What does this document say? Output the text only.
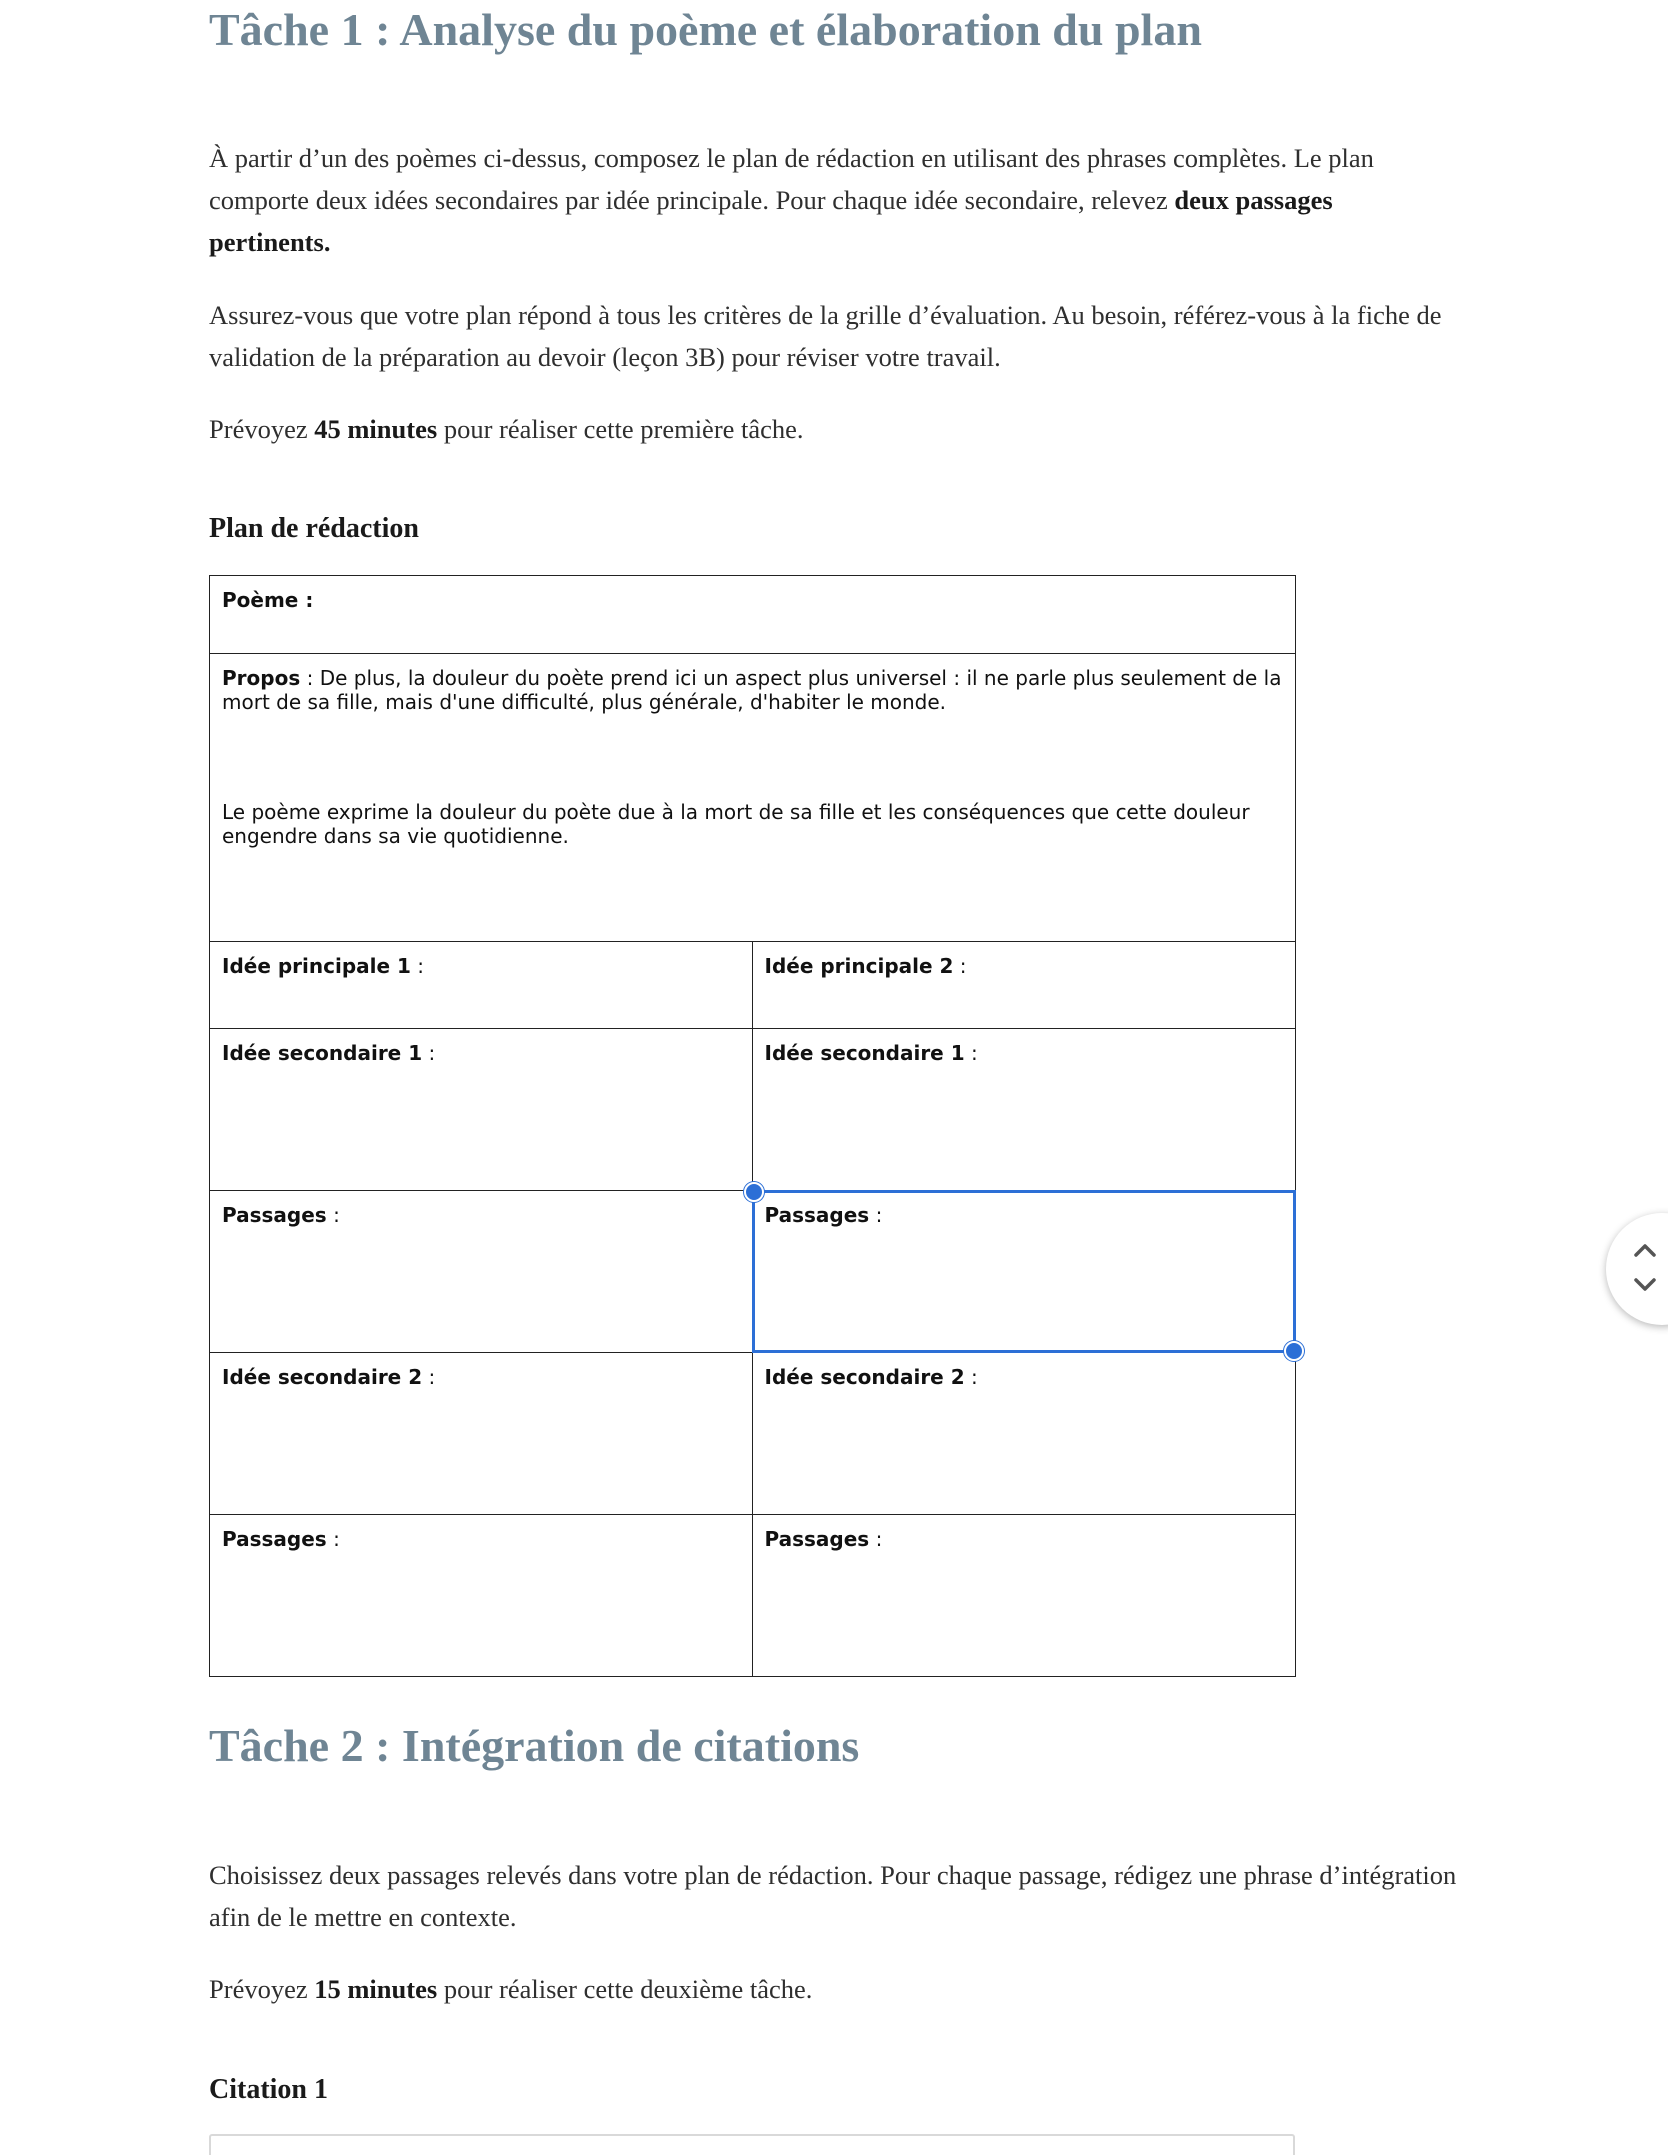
Tâche 1 : Analyse du poème et élaboration du plan

À partir d’un des poèmes ci-dessus, composez le plan de rédaction en utilisant des phrases complètes. Le plan comporte deux idées secondaires par idée principale. Pour chaque idée secondaire, relevez deux passages pertinents.

Assurez-vous que votre plan répond à tous les critères de la grille d’évaluation. Au besoin, référez-vous à la fiche de validation de la préparation au devoir (leçon 3B) pour réviser votre travail.

Prévoyez 45 minutes pour réaliser cette première tâche.

Plan de rédaction
Tâche 2 : Intégration de citations

Choisissez deux passages relevés dans votre plan de rédaction. Pour chaque passage, rédigez une phrase d’intégration afin de le mettre en contexte.

Prévoyez 15 minutes pour réaliser cette deuxième tâche.

Citation 1
Poème :
Propos : De plus, la douleur du poète prend ici un aspect plus universel : il ne parle plus seulement de la mort de sa fille, mais d'une difficulté, plus générale, d'habiter le monde.
Le poème exprime la douleur du poète due à la mort de sa fille et les conséquences que cette douleur engendre dans sa vie quotidienne.
Idée principale 1 :	Idée principale 2 :
Idée secondaire 1 :	Idée secondaire 1 :
Passages :	Passages :
Idée secondaire 2 :	Idée secondaire 2 :
Passages :	Passages :
